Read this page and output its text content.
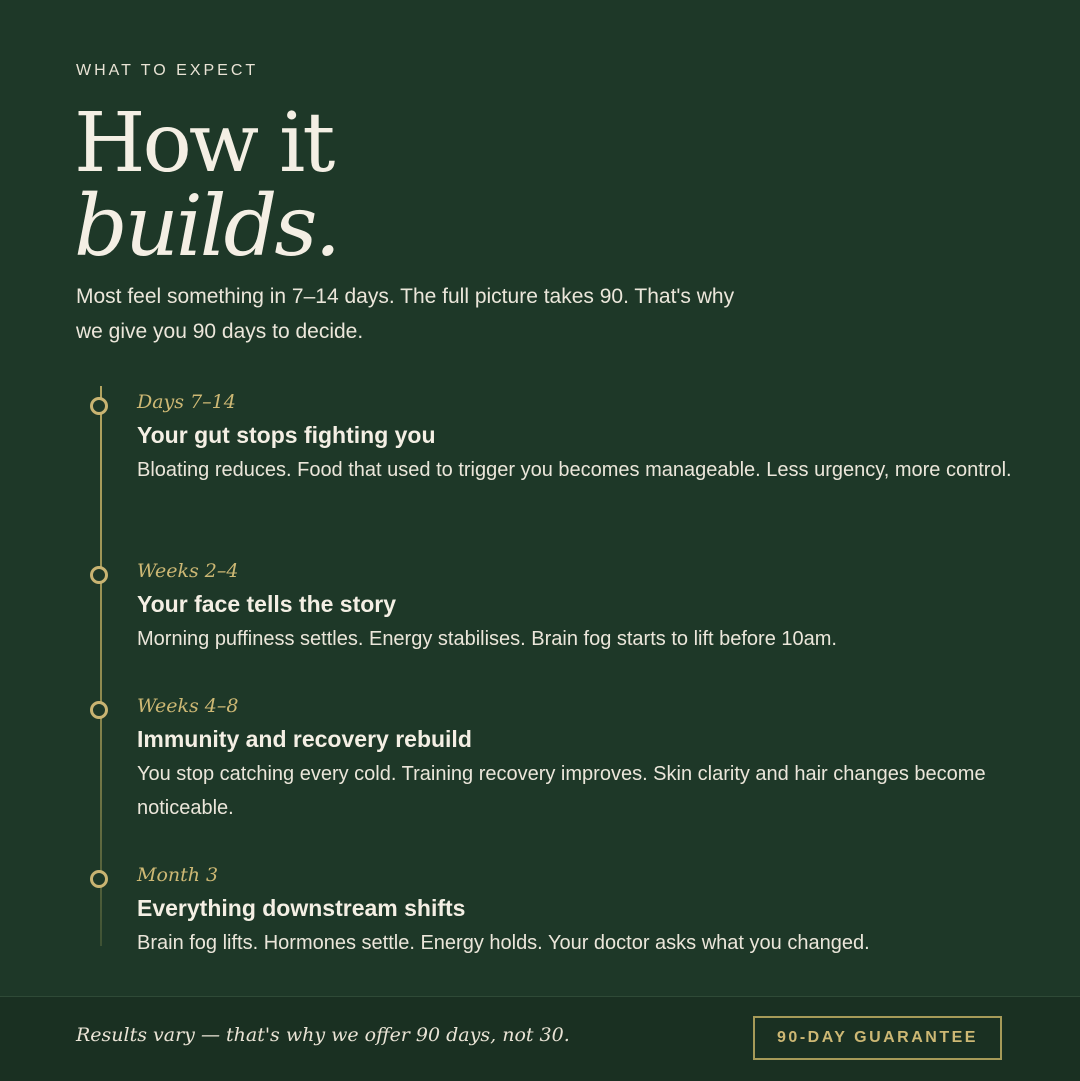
WHAT TO EXPECT
How it
builds.

Most feel something in 7–14 days. The full picture takes 90. That's why we give you 90 days to decide.

Days 7–14
Your gut stops fighting you
Bloating reduces. Food that used to trigger you becomes manageable. Less urgency, more control.
Weeks 2–4
Your face tells the story
Morning puffiness settles. Energy stabilises. Brain fog starts to lift before 10am.
Weeks 4–8
Immunity and recovery rebuild
You stop catching every cold. Training recovery improves. Skin clarity and hair changes become noticeable.
Month 3
Everything downstream shifts
Brain fog lifts. Hormones settle. Energy holds. Your doctor asks what you changed.
Results vary — that's why we offer 90 days, not 30.	90-DAY GUARANTEE
